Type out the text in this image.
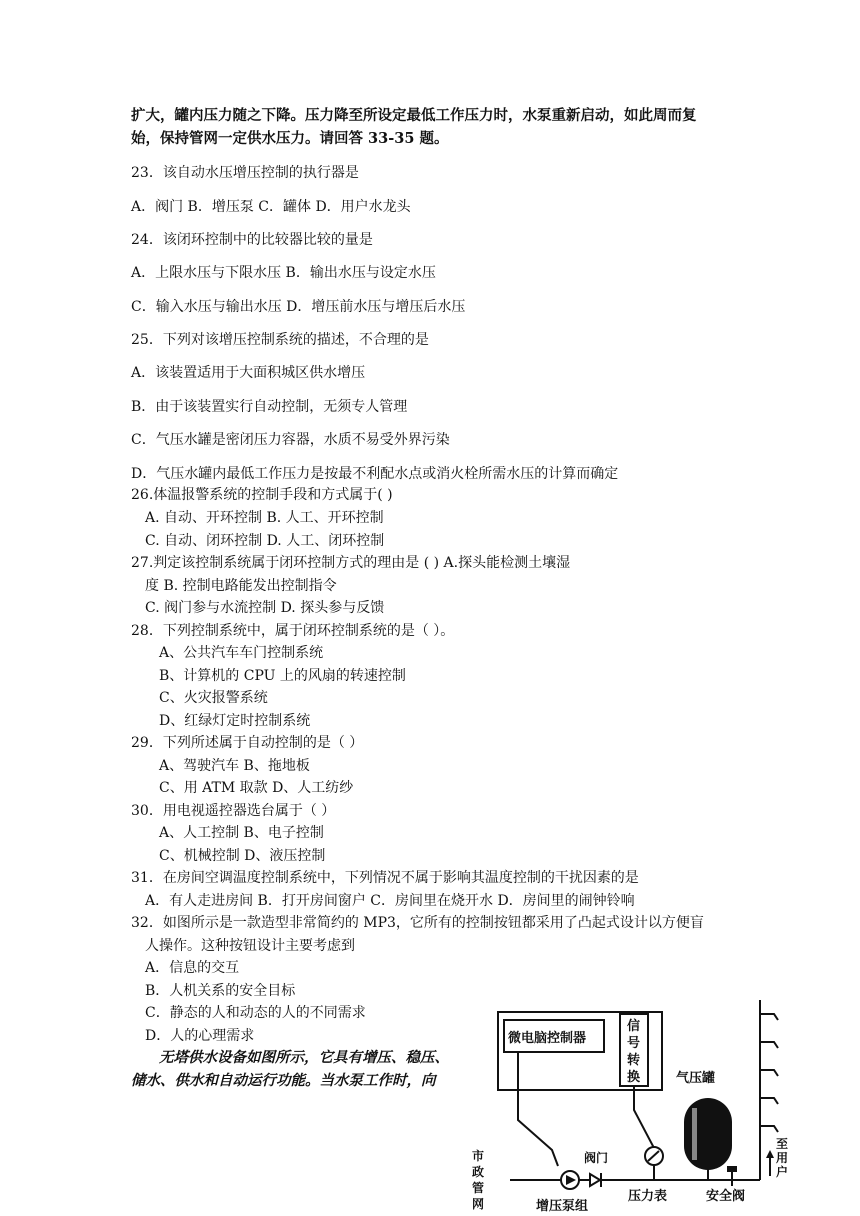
扩大，罐内压力随之下降。压力降至所设定最低工作压力时，水泵重新启动，如此周而复
始，保持管网一定供水压力。请回答 33-35 题。
23．该自动水压增压控制的执行器是
A．阀门 B．增压泵 C．罐体 D．用户水龙头
24．该闭环控制中的比较器比较的量是
A．上限水压与下限水压 B．输出水压与设定水压
C．输入水压与输出水压 D．增压前水压与增压后水压
25．下列对该增压控制系统的描述，不合理的是
A．该装置适用于大面积城区供水增压
B．由于该装置实行自动控制，无须专人管理
C．气压水罐是密闭压力容器，水质不易受外界污染
D．气压水罐内最低工作压力是按最不利配水点或消火栓所需水压的计算而确定
26.体温报警系统的控制手段和方式属于( )
A. 自动、开环控制 B. 人工、开环控制
C. 自动、闭环控制 D. 人工、闭环控制
27.判定该控制系统属于闭环控制方式的理由是 ( ) A.探头能检测土壤湿
度 B. 控制电路能发出控制指令
C. 阀门参与水流控制 D. 探头参与反馈
28．下列控制系统中，属于闭环控制系统的是（ ）。
A、公共汽车车门控制系统
B、计算机的 CPU 上的风扇的转速控制
C、火灾报警系统
D、红绿灯定时控制系统
29．下列所述属于自动控制的是（ ）
A、驾驶汽车 B、拖地板
C、用 ATM 取款 D、人工纺纱
30．用电视遥控器选台属于（ ）
A、人工控制 B、电子控制
C、机械控制 D、液压控制
31．在房间空调温度控制系统中，下列情况不属于影响其温度控制的干扰因素的是
A．有人走进房间 B．打开房间窗户 C．房间里在烧开水 D．房间里的闹钟铃响
32．如图所示是一款造型非常简约的 MP3，它所有的控制按钮都采用了凸起式设计以方便盲
人操作。这种按钮设计主要考虑到
A．信息的交互
B．人机关系的安全目标
C．静态的人和动态的人的不同需求
D．人的心理需求
无塔供水设备如图所示，它具有增压、稳压、
储水、供水和自动运行功能。当水泵工作时，向
微电脑控制器
信
号
转
换	气压罐
至
用
户
阀门
市
政
管
网	增压泵组
压力表	安全阀
